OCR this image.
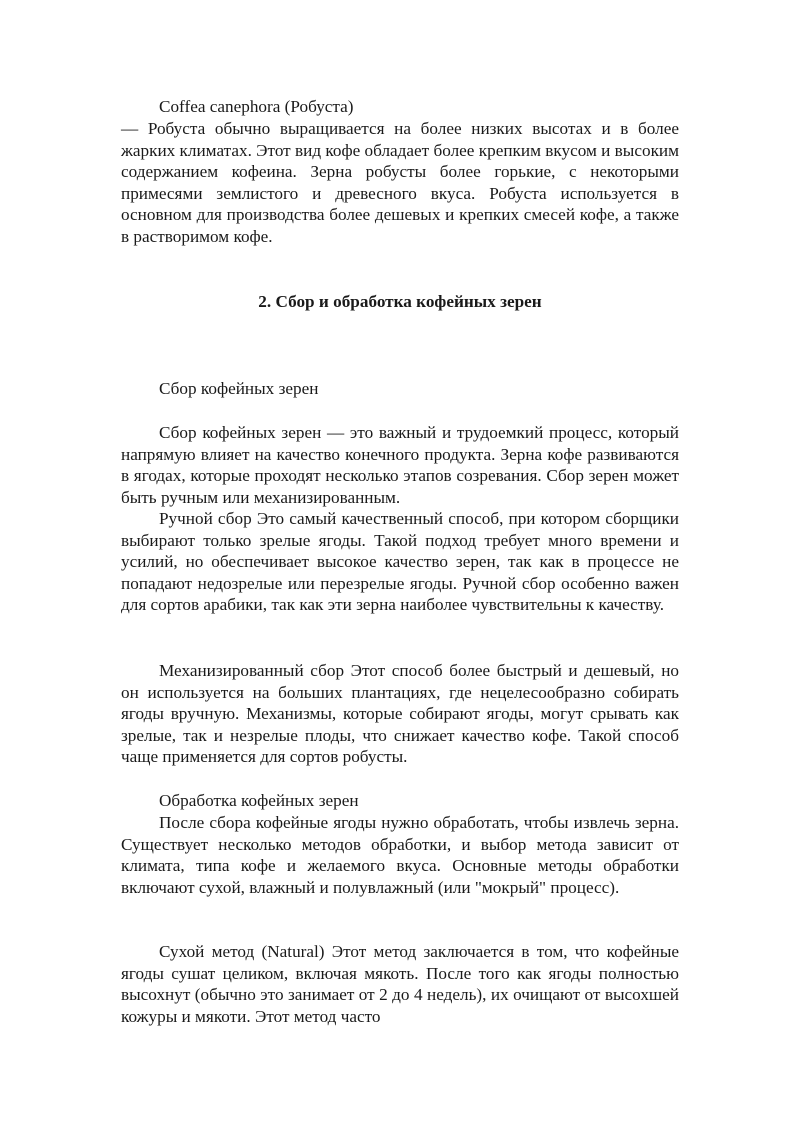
Coffea canephora (Робуста)

— Робуста обычно выращивается на более низких высотах и в более жарких климатах. Этот вид кофе обладает более крепким вкусом и высоким содержанием кофеина. Зерна робусты более горькие, с некоторыми примесями землистого и древесного вкуса. Робуста используется в основном для производства более дешевых и крепких смесей кофе, а также в растворимом кофе.

2. Сбор и обработка кофейных зерен

Сбор кофейных зерен

Сбор кофейных зерен — это важный и трудоемкий процесс, который напрямую влияет на качество конечного продукта. Зерна кофе развиваются в ягодах, которые проходят несколько этапов созревания. Сбор зерен может быть ручным или механизированным.

Ручной сбор Это самый качественный способ, при котором сборщики выбирают только зрелые ягоды. Такой подход требует много времени и усилий, но обеспечивает высокое качество зерен, так как в процессе не попадают недозрелые или перезрелые ягоды. Ручной сбор особенно важен для сортов арабики, так как эти зерна наиболее чувствительны к качеству.

Механизированный сбор Этот способ более быстрый и дешевый, но он используется на больших плантациях, где нецелесообразно собирать ягоды вручную. Механизмы, которые собирают ягоды, могут срывать как зрелые, так и незрелые плоды, что снижает качество кофе. Такой способ чаще применяется для сортов робусты.

Обработка кофейных зерен

После сбора кофейные ягоды нужно обработать, чтобы извлечь зерна. Существует несколько методов обработки, и выбор метода зависит от климата, типа кофе и желаемого вкуса. Основные методы обработки включают сухой, влажный и полувлажный (или "мокрый" процесс).

Сухой метод (Natural) Этот метод заключается в том, что кофейные ягоды сушат целиком, включая мякоть. После того как ягоды полностью высохнут (обычно это занимает от 2 до 4 недель), их очищают от высохшей кожуры и мякоти. Этот метод часто
